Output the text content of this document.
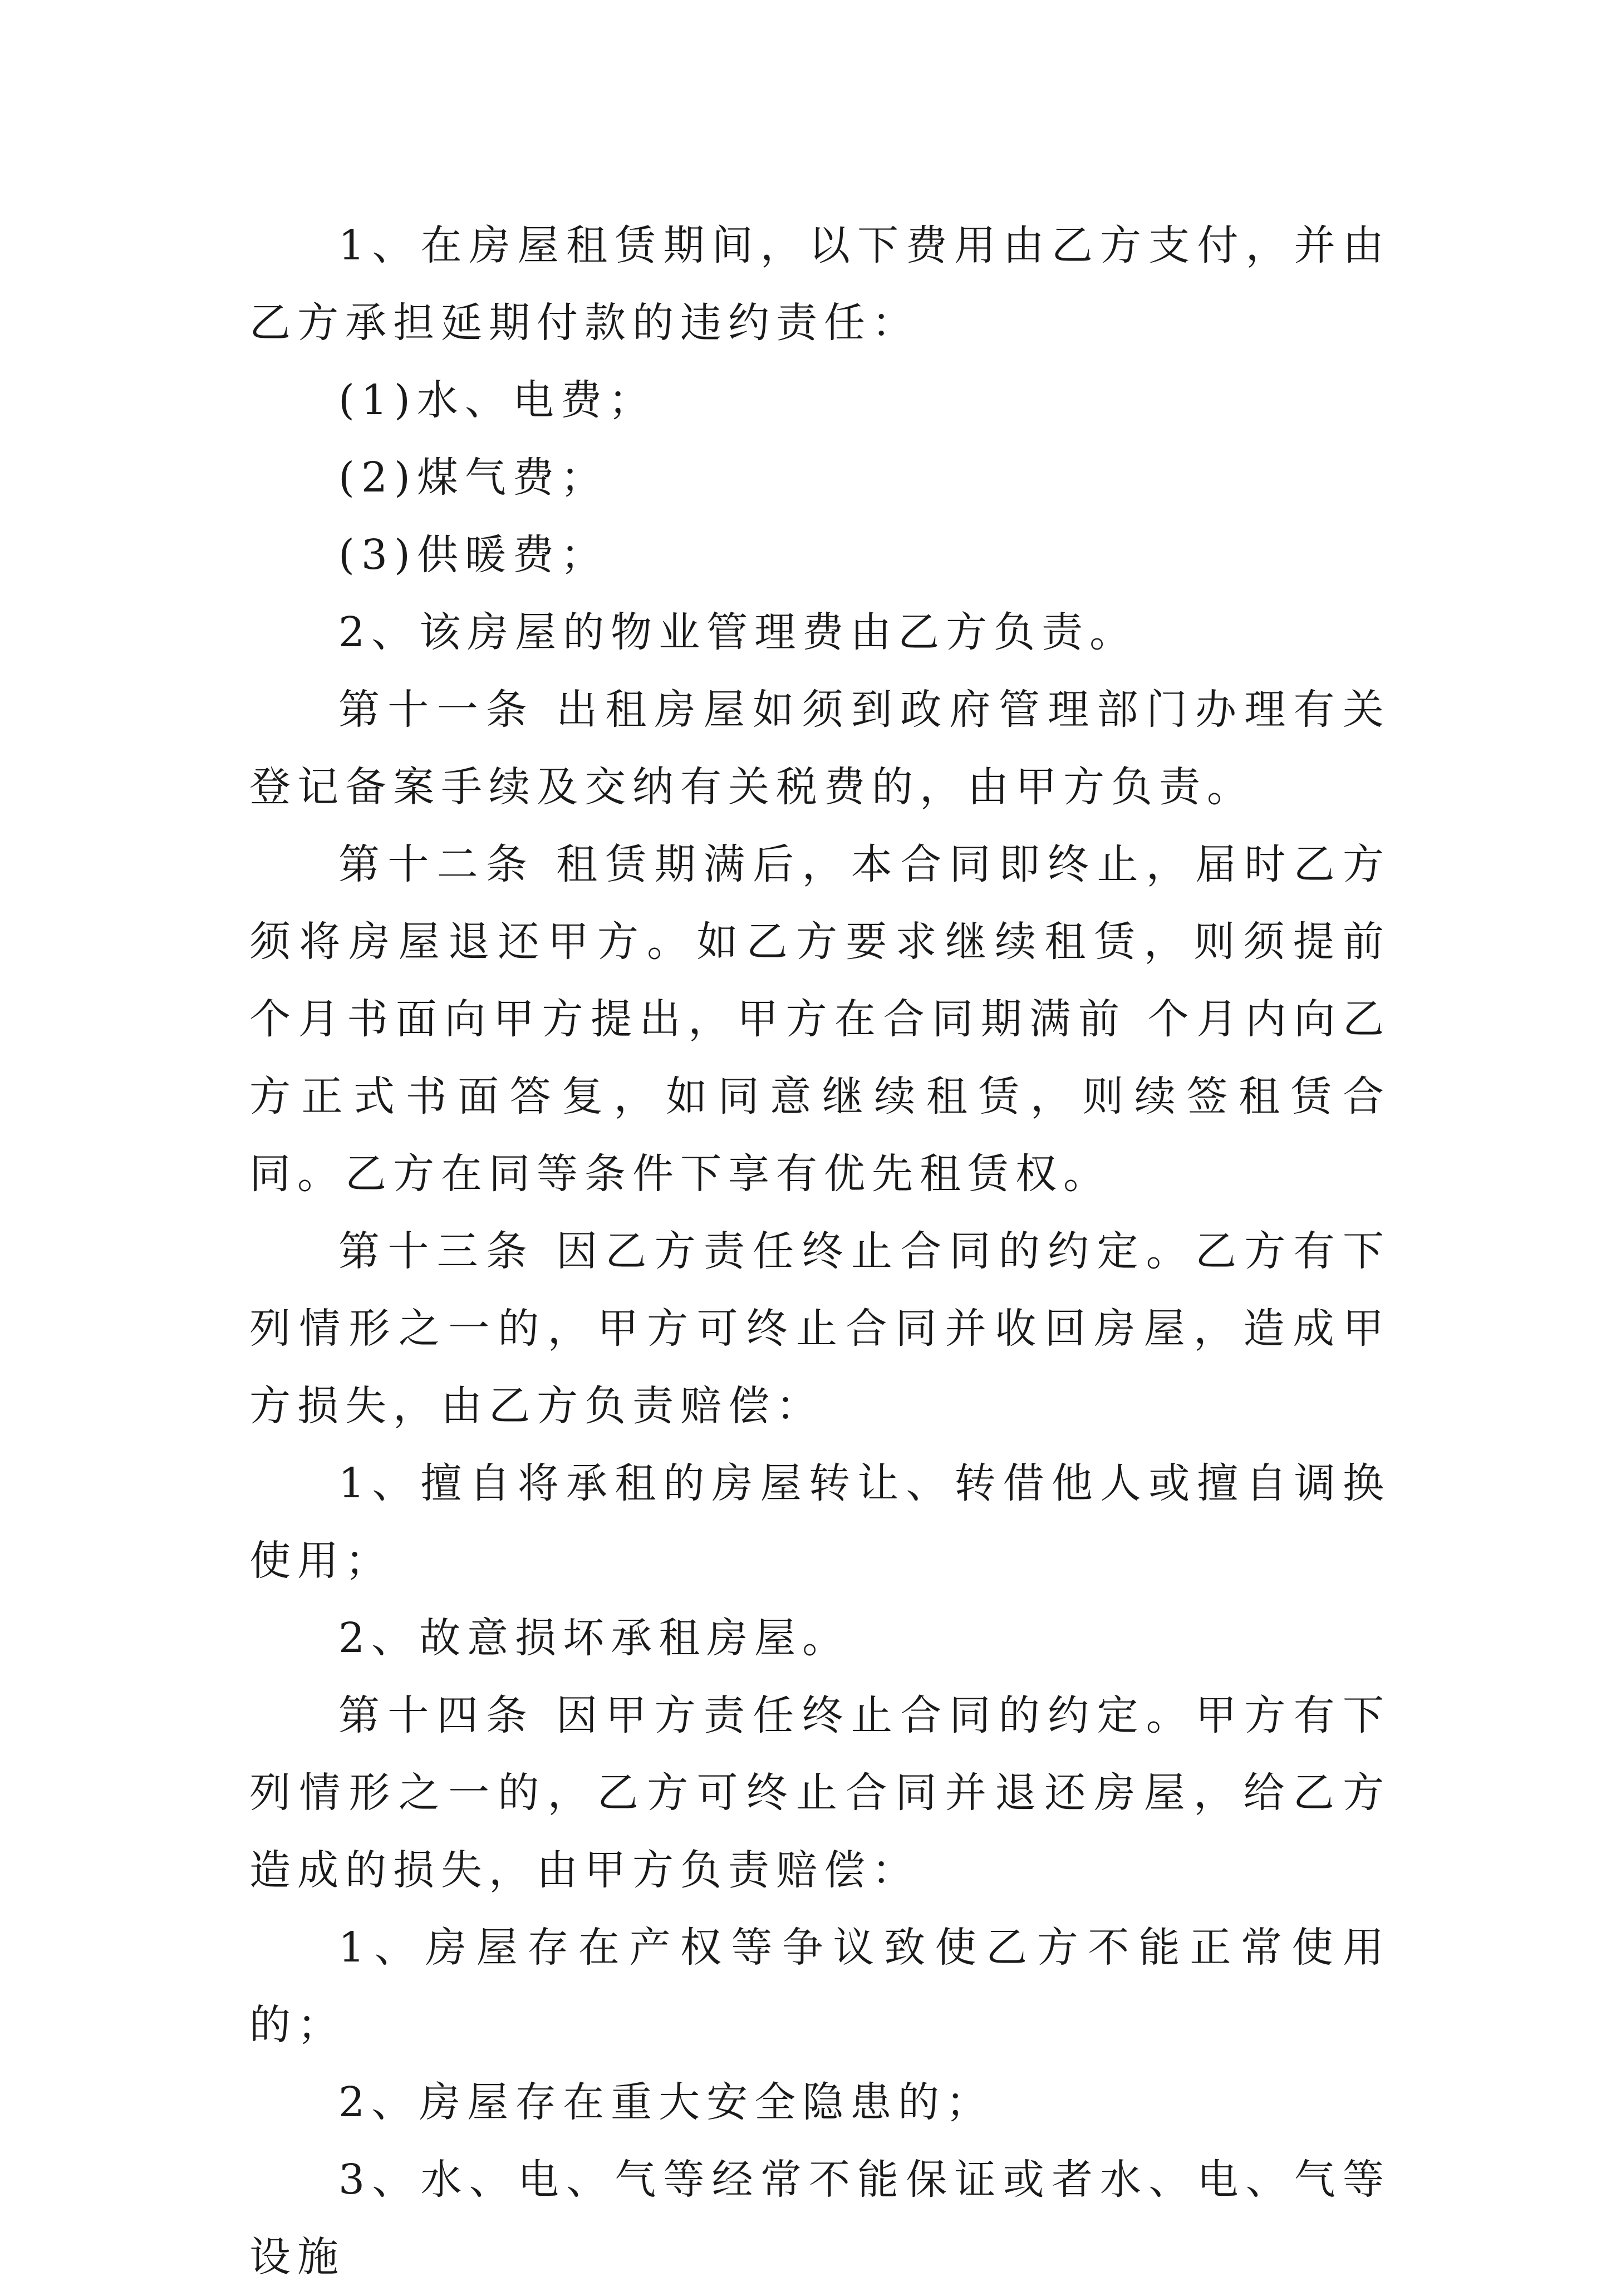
1、在房屋租赁期间，以下费用由乙方支付，并由乙方承担延期付款的违约责任：

(1)水、电费；

(2)煤气费；

(3)供暖费；

2、该房屋的物业管理费由乙方负责。

第十一条 出租房屋如须到政府管理部门办理有关登记备案手续及交纳有关税费的，由甲方负责。

第十二条 租赁期满后，本合同即终止，届时乙方须将房屋退还甲方。如乙方要求继续租赁，则须提前 个月书面向甲方提出，甲方在合同期满前 个月内向乙方正式书面答复，如同意继续租赁，则续签租赁合同。乙方在同等条件下享有优先租赁权。

第十三条 因乙方责任终止合同的约定。乙方有下列情形之一的，甲方可终止合同并收回房屋，造成甲方损失，由乙方负责赔偿：

1、擅自将承租的房屋转让、转借他人或擅自调换使用；

2、故意损坏承租房屋。

第十四条 因甲方责任终止合同的约定。甲方有下列情形之一的，乙方可终止合同并退还房屋，给乙方造成的损失，由甲方负责赔偿：

1、房屋存在产权等争议致使乙方不能正常使用的；

2、房屋存在重大安全隐患的；

3、水、电、气等经常不能保证或者水、电、气等设施
